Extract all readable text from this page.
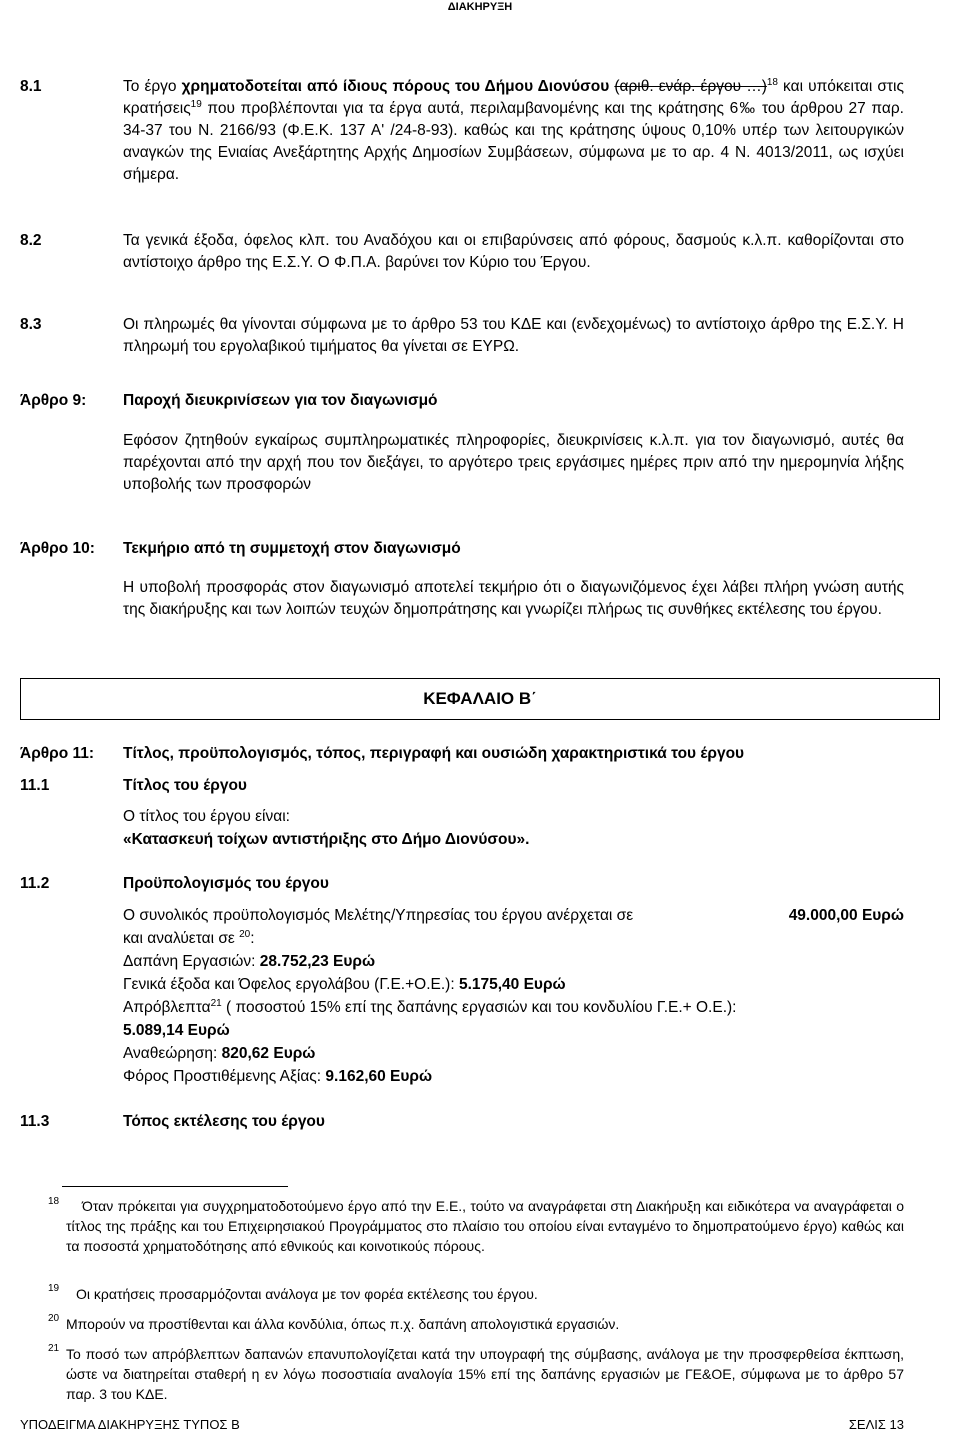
ΔΙΑΚΗΡΥΞΗ
8.1	Το έργο χρηματοδοτείται από ίδιους πόρους του Δήμου Διονύσου (αριθ. ενάρ. έργου …)$^{18}$ και υπόκειται στις κρατήσεις$^{19}$ που προβλέπονται για τα έργα αυτά, περιλαμβανομένης και της κράτησης 6‰ του άρθρου 27 παρ. 34-37 του Ν. 2166/93 (Φ.Ε.Κ. 137 Α' /24-8-93). καθώς και της κράτησης ύψους 0,10% υπέρ των λειτουργικών αναγκών της Ενιαίας Ανεξάρτητης Αρχής Δημοσίων Συμβάσεων, σύμφωνα με το αρ. 4 Ν. 4013/2011, ως ισχύει σήμερα.
8.2	Τα γενικά έξοδα, όφελος κλπ. του Αναδόχου και οι επιβαρύνσεις από φόρους, δασμούς κ.λ.π. καθορίζονται στο αντίστοιχο άρθρο της Ε.Σ.Υ. Ο Φ.Π.Α. βαρύνει τον Κύριο του Έργου.
8.3	Οι πληρωμές θα γίνονται σύμφωνα με το άρθρο 53 του ΚΔΕ και (ενδεχομένως) το αντίστοιχο άρθρο της Ε.Σ.Υ. Η πληρωμή του εργολαβικού τιμήματος θα γίνεται σε ΕΥΡΩ.
Άρθρο 9: Παροχή διευκρινίσεων για τον διαγωνισμό
Εφόσον ζητηθούν εγκαίρως συμπληρωματικές πληροφορίες, διευκρινίσεις κ.λ.π. για τον διαγωνισμό, αυτές θα παρέχονται από την αρχή που τον διεξάγει, το αργότερο τρεις εργάσιμες ημέρες πριν από την ημερομηνία λήξης υποβολής των προσφορών
Άρθρο 10: Τεκμήριο από τη συμμετοχή στον διαγωνισμό
Η υποβολή προσφοράς στον διαγωνισμό αποτελεί τεκμήριο ότι ο διαγωνιζόμενος έχει λάβει πλήρη γνώση αυτής της διακήρυξης και των λοιπών τευχών δημοπράτησης και γνωρίζει πλήρως τις συνθήκες εκτέλεσης του έργου.
ΚΕΦΑΛΑΙΟ Β΄
Άρθρο 11: Τίτλος, προϋπολογισμός, τόπος, περιγραφή και ουσιώδη χαρακτηριστικά του έργου
11.1	Τίτλος του έργου
Ο τίτλος του έργου είναι:
«Κατασκευή τοίχων αντιστήριξης στο Δήμο Διονύσου».
11.2	Προϋπολογισμός του έργου
Ο συνολικός προϋπολογισμός Μελέτης/Υπηρεσίας του έργου ανέρχεται σε	49.000,00 Ευρώ
και αναλύεται σε $^{20}$:
Δαπάνη Εργασιών: 28.752,23 Ευρώ
Γενικά έξοδα και Όφελος εργολάβου (Γ.Ε.+Ο.Ε.): 5.175,40 Ευρώ
Απρόβλεπτα$^{21}$ ( ποσοστού 15% επί της δαπάνης εργασιών και του κονδυλίου Γ.Ε.+ Ο.Ε.):
5.089,14 Ευρώ
Αναθεώρηση: 820,62 Ευρώ
Φόρος Προστιθέμενης Αξίας: 9.162,60 Ευρώ
11.3	Τόπος εκτέλεσης του έργου
18	Όταν πρόκειται για συγχρηματοδοτούμενο έργο από την Ε.Ε., τούτο να αναγράφεται στη Διακήρυξη και ειδικότερα να αναγράφεται ο τίτλος της πράξης και του Επιχειρησιακού Προγράμματος στο πλαίσιο του οποίου είναι ενταγμένο το δημοπρατούμενο έργο) καθώς και τα ποσοστά χρηματοδότησης από εθνικούς και κοινοτικούς πόρους.
19 Οι κρατήσεις προσαρμόζονται ανάλογα με τον φορέα εκτέλεσης του έργου.
20 Μπορούν να προστίθενται και άλλα κονδύλια, όπως π.χ. δαπάνη απολογιστικά εργασιών.
21 Το ποσό των απρόβλεπτων δαπανών επανυπολογίζεται κατά την υπογραφή της σύμβασης, ανάλογα με την προσφερθείσα έκπτωση, ώστε να διατηρείται σταθερή η εν λόγω ποσοστιαία αναλογία 15% επί της δαπάνης εργασιών με ΓΕ&ΟΕ, σύμφωνα με το άρθρο 57 παρ. 3 του ΚΔΕ.
ΥΠΟΔΕΙΓΜΑ ΔΙΑΚΗΡΥΞΗΣ ΤΥΠΟΣ Β	ΣΕΛΙΣ 13
